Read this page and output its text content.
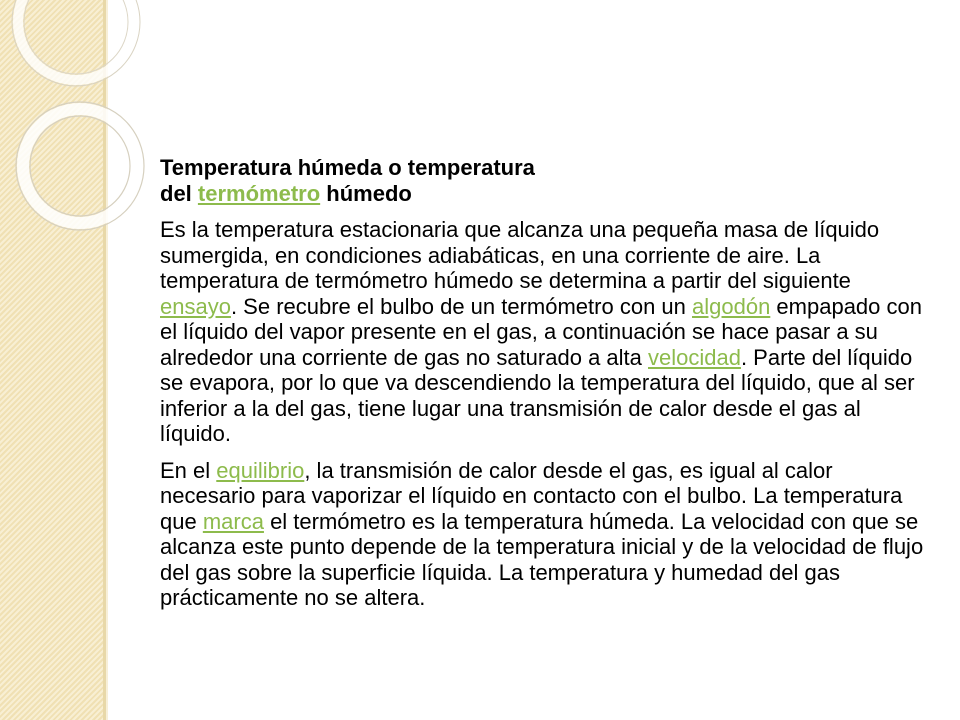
Temperatura húmeda o temperatura
del termómetro húmedo

Es la temperatura estacionaria que alcanza una pequeña masa de líquido sumergida, en condiciones adiabáticas, en una corriente de aire. La temperatura de termómetro húmedo se determina a partir del siguiente ensayo. Se recubre el bulbo de un termómetro con un algodón empapado con el líquido del vapor presente en el gas, a continuación se hace pasar a su alrededor una corriente de gas no saturado a alta velocidad. Parte del líquido se evapora, por lo que va descendiendo la temperatura del líquido, que al ser inferior a la del gas, tiene lugar una transmisión de calor desde el gas al líquido.

En el equilibrio, la transmisión de calor desde el gas, es igual al calor necesario para vaporizar el líquido en contacto con el bulbo. La temperatura que marca el termómetro es la temperatura húmeda. La velocidad con que se alcanza este punto depende de la temperatura inicial y de la velocidad de flujo del gas sobre la superficie líquida. La temperatura y humedad del gas prácticamente no se altera.
